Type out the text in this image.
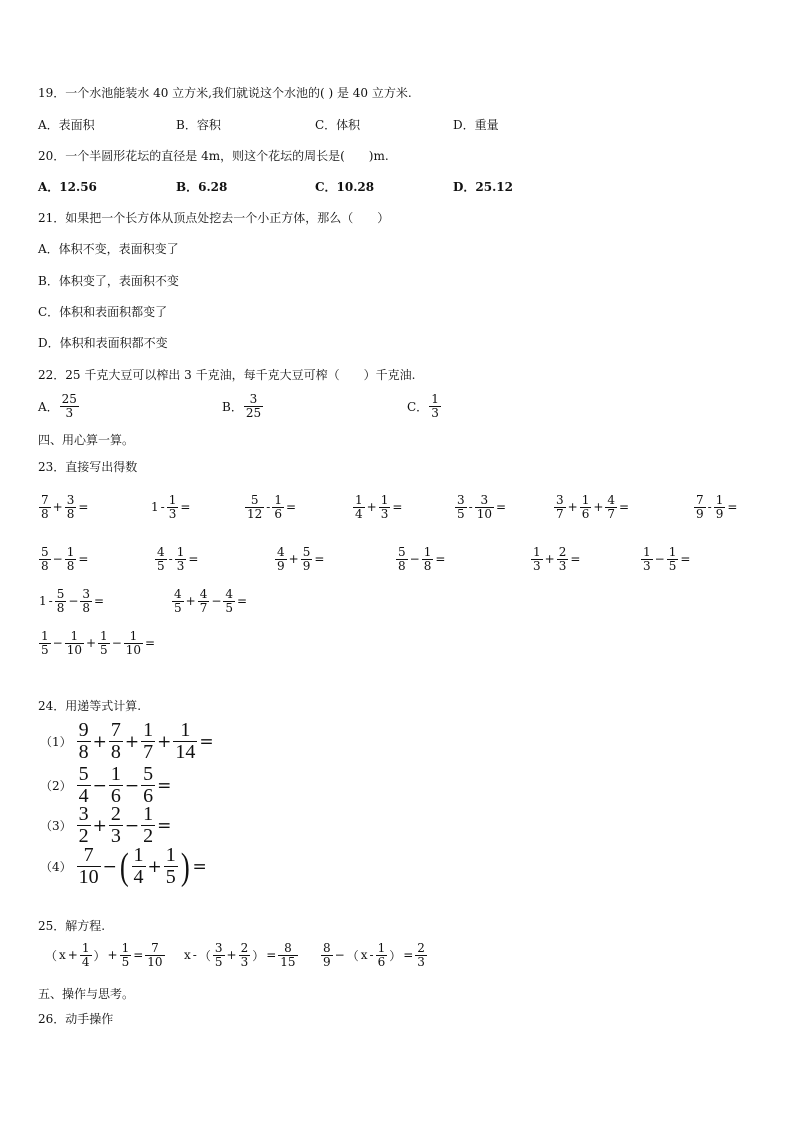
19．一个水池能装水 40 立方米,我们就说这个水池的( ) 是 40 立方米.
A．表面积	B．容积	C．体积	D．重量
20．一个半圆形花坛的直径是 4m，则这个花坛的周长是(　　)m.
A．12.56	B．6.28	C．10.28	D．25.12
21．如果把一个长方体从顶点处挖去一个小正方体，那么（　　）
A．体积不变，表面积变了
B．体积变了，表面积不变
C．体积和表面积都变了
D．体积和表面积都不变
22．25 千克大豆可以榨出 3 千克油，每千克大豆可榨（　　）千克油.
A．
25
3	B．
3
25	C．
1
3
四、用心算一算。
23．直接写出得数
$\frac{7}{8} + \frac{3}{8}$ =	$1 - \frac{1}{3}$ =	$\frac{5}{12} - \frac{1}{6}$ =	$\frac{1}{4} + \frac{1}{3}$ =	$\frac{3}{5} - \frac{3}{10}$ =	$\frac{3}{7} + \frac{1}{6} + \frac{4}{7}$ =	$\frac{7}{9} - \frac{1}{9}$ =
$\frac{5}{8} - \frac{1}{8}$ =	$\frac{4}{5} - \frac{1}{3}$ =	$\frac{4}{9} + \frac{5}{9}$ =	$\frac{5}{8} - \frac{1}{8}$ =	$\frac{1}{3} + \frac{2}{3}$ =	$\frac{1}{3} - \frac{1}{5}$ =
$1 - \frac{5}{8} - \frac{3}{8}$ =	$\frac{4}{5} + \frac{4}{7} - \frac{4}{5}$ =
$\frac{1}{5} - \frac{1}{10} + \frac{1}{5} - \frac{1}{10}$ =
24．用递等式计算.
$(1) \frac{9}{8} + \frac{7}{8} + \frac{1}{7} + \frac{1}{14}$ =
$(2) \frac{5}{4} - \frac{1}{6} - \frac{5}{6}$ =
$(3) \frac{3}{2} + \frac{2}{3} - \frac{1}{2}$ =
$(4) \frac{7}{10}$ − ( $\frac{1}{4} + \frac{1}{5}$ ) =
25．解方程.
（ $x + \frac{1}{4}$ ） + $\frac{1}{5} = \frac{7}{10}$ x - （ $\frac{3}{5} + \frac{2}{3}$ ） = $\frac{8}{15} \frac{8}{9}$ − （ x - $\frac{1}{6}$ ） = $\frac{2}{3}$
五、操作与思考。
26．动手操作
